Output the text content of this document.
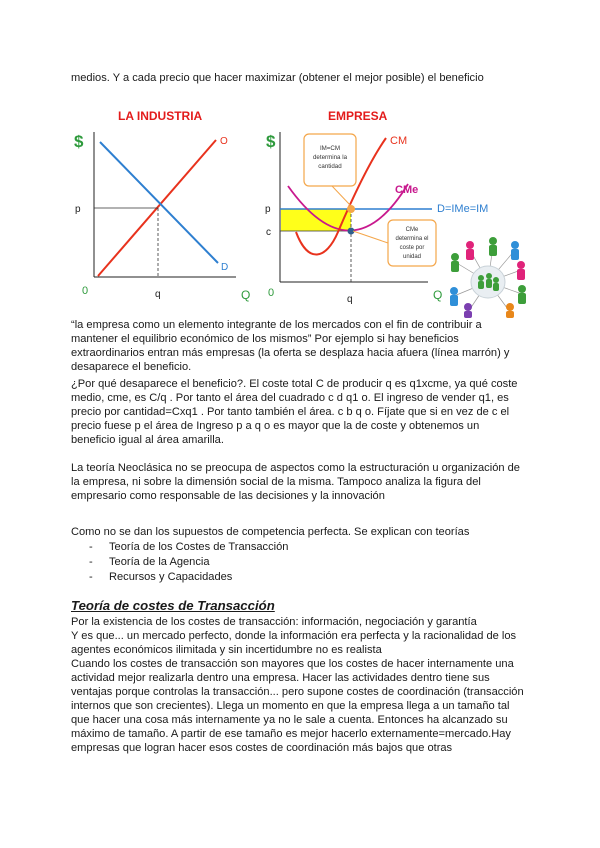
medios. Y a cada precio que hacer maximizar (obtener el mejor posible) el beneficio
LA INDUSTRIA
$	O
D
p
q
0	Q
EMPRESA
$	CM
CMe
D=IMe=IM
p
c
q
0	Q
IM=CM
determina la
cantidad
CMe
determina el
coste por
unidad
“la empresa como un elemento integrante de los mercados con el fin de contribuir a
mantener el equilibrio económico de los mismos” Por ejemplo si hay beneficios
extraordinarios entran más empresas (la oferta se desplaza hacia afuera (línea marrón) y
desaparece el beneficio.
¿Por qué desaparece el beneficio?. El coste total C de producir q es q1xcme, ya qué coste
medio, cme, es C/q . Por tanto el área del cuadrado c d q1 o. El ingreso de vender q1, es
precio por cantidad=Cxq1 . Por tanto también el área. c b q o. Fíjate que si en vez de c el
precio fuese p el área de Ingreso p a q o es mayor que la de coste y obtenemos un
beneficio igual al área amarilla.
La teoría Neoclásica no se preocupa de aspectos como la estructuración u organización de
la empresa, ni sobre la dimensión social de la misma. Tampoco analiza la figura del
empresario como responsable de las decisiones y la innovación
Como no se dan los supuestos de competencia perfecta. Se explican con teorías
- Teoría de los Costes de Transacción
- Teoría de la Agencia
- Recursos y Capacidades
Teoría de costes de Transacción
Por la existencia de los costes de transacción: información, negociación y garantía
Y es que... un mercado perfecto, donde la información era perfecta y la racionalidad de los
agentes económicos ilimitada y sin incertidumbre no es realista
Cuando los costes de transacción son mayores que los costes de hacer internamente una
actividad mejor realizarla dentro una empresa. Hacer las actividades dentro tiene sus
ventajas porque controlas la transacción... pero supone costes de coordinación (transacción
internos que son crecientes). Llega un momento en que la empresa llega a un tamaño tal
que hacer una cosa más internamente ya no le sale a cuenta. Entonces ha alcanzado su
máximo de tamaño. A partir de ese tamaño es mejor hacerlo externamente=mercado.Hay
empresas que logran hacer esos costes de coordinación más bajos que otras
